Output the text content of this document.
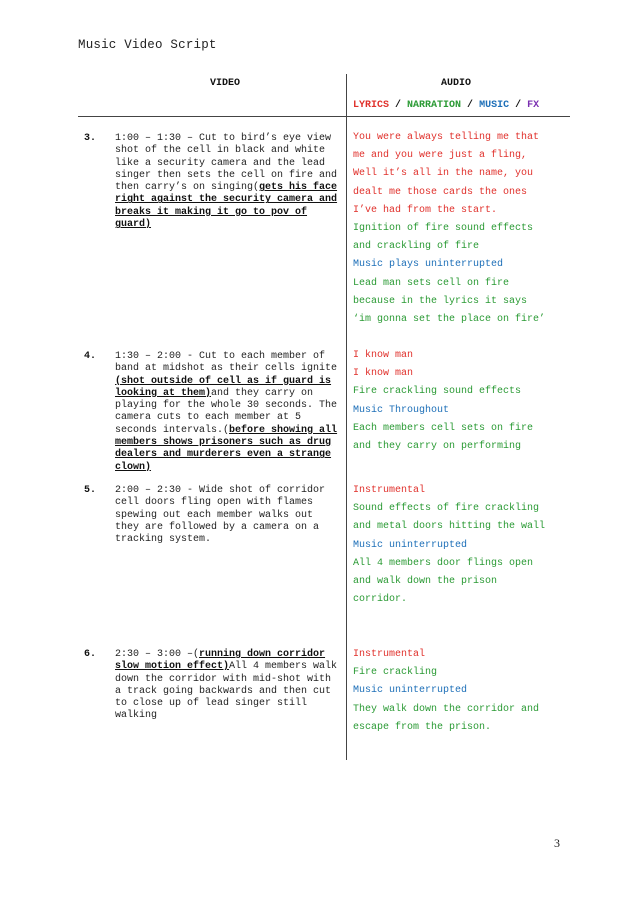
Music Video Script
VIDEO	AUDIO
LYRICS / NARRATION / MUSIC / FX
3. 1:00 – 1:30 – Cut to bird’s eye view shot of the cell in black and white like a security camera and the lead singer then sets the cell on fire and then carry’s on singing(gets his face right against the security camera and breaks it making it go to pov of guard)
You were always telling me that
me and you were just a fling,
Well it’s all in the name, you
dealt me those cards the ones
I’ve had from the start.
Ignition of fire sound effects
and crackling of fire
Music plays uninterrupted
Lead man sets cell on fire
because in the lyrics it says
‘im gonna set the place on fire’
4. 1:30 – 2:00 - Cut to each member of band at midshot as their cells ignite (shot outside of cell as if guard is looking at them)and they carry on playing for the whole 30 seconds. The camera cuts to each member at 5 seconds intervals.(before showing all members shows prisoners such as drug dealers and murderers even a strange clown)
I know man
I know man
Fire crackling sound effects
Music Throughout
Each members cell sets on fire
and they carry on performing
5. 2:00 – 2:30 - Wide shot of corridor cell doors fling open with flames spewing out each member walks out they are followed by a camera on a tracking system.
Instrumental
Sound effects of fire crackling
and metal doors hitting the wall
Music uninterrupted
All 4 members door flings open
and walk down the prison
corridor.
6. 2:30 – 3:00 –(running down corridor slow motion effect)All 4 members walk down the corridor with mid-shot with a track going backwards and then cut to close up of lead singer still walking
Instrumental
Fire crackling
Music uninterrupted
They walk down the corridor and
escape from the prison.
3
